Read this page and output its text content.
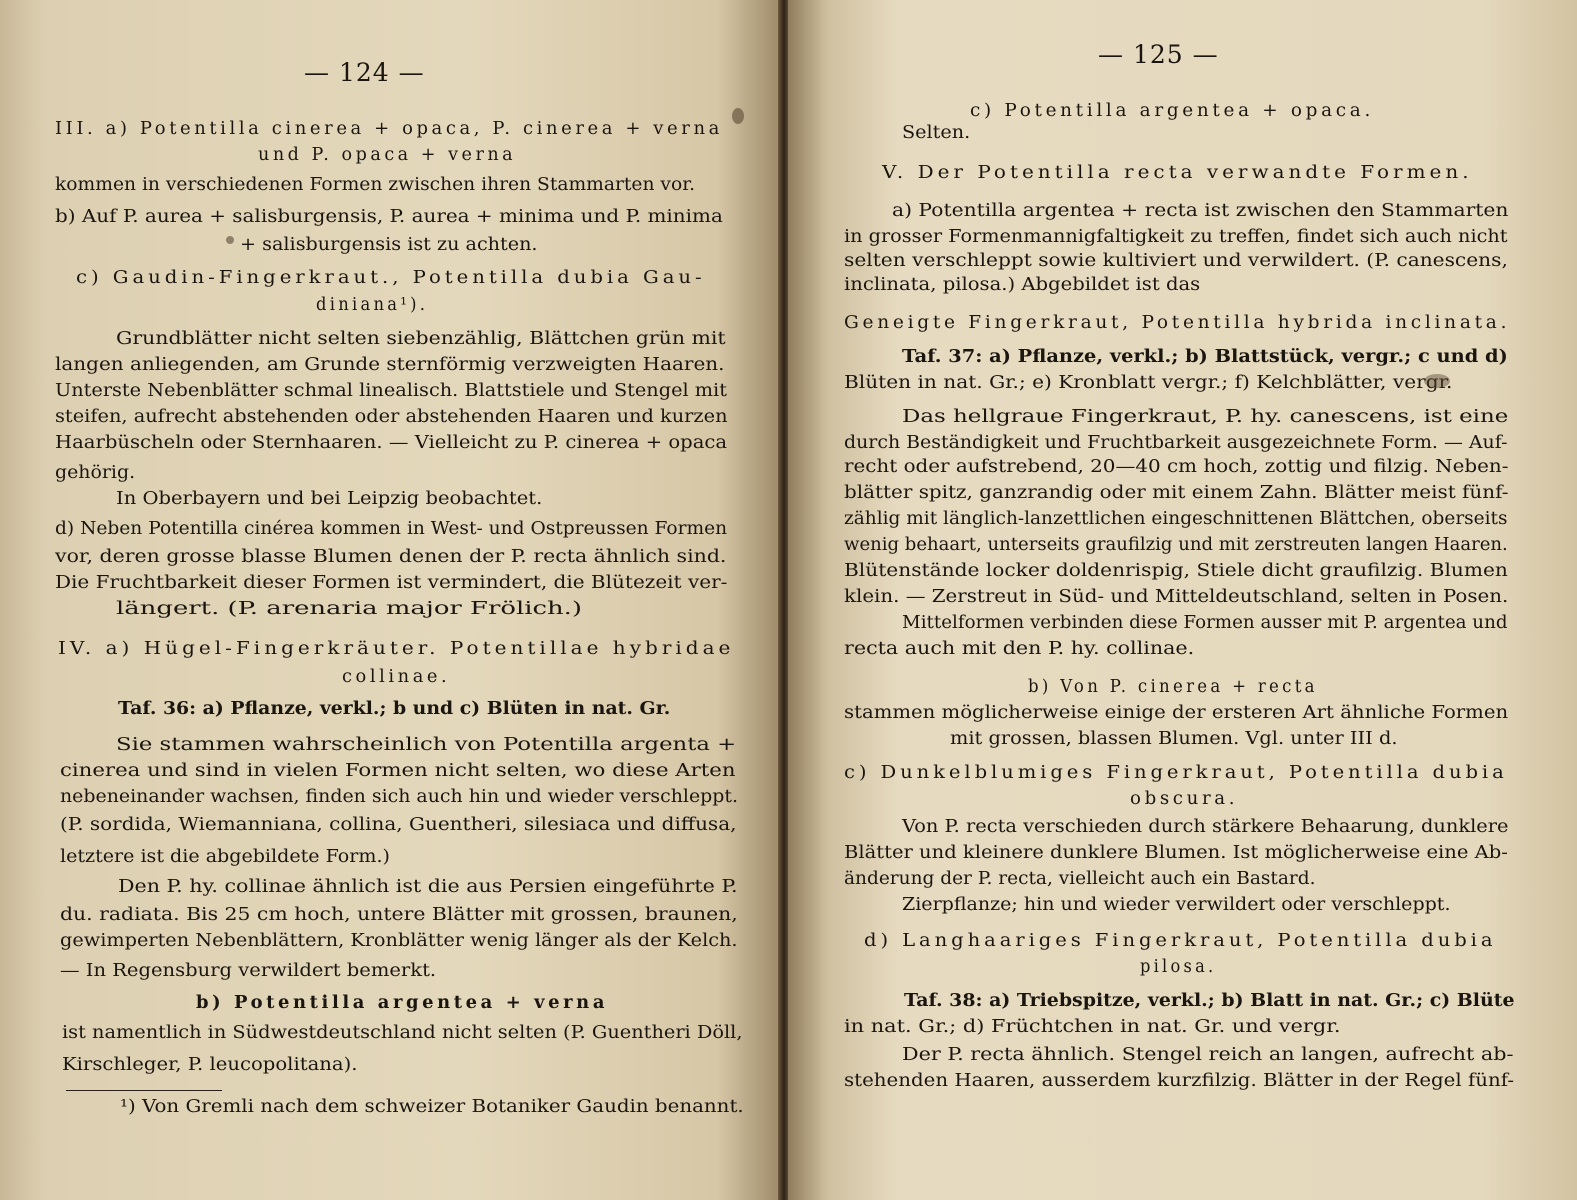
— 124 —
III. a) Potentilla cinerea + opaca, P. cinerea + verna
und P. opaca + verna
kommen in verschiedenen Formen zwischen ihren Stammarten vor.
b) Auf P. aurea + salisburgensis, P. aurea + minima und P. minima
+ salisburgensis ist zu achten.
c) Gaudin-Fingerkraut., Potentilla dubia Gau-
diniana¹).
Grundblätter nicht selten siebenzählig, Blättchen grün mit
langen anliegenden, am Grunde sternförmig verzweigten Haaren.
Unterste Nebenblätter schmal linealisch. Blattstiele und Stengel mit
steifen, aufrecht abstehenden oder abstehenden Haaren und kurzen
Haarbüscheln oder Sternhaaren. — Vielleicht zu P. cinerea + opaca
gehörig.
In Oberbayern und bei Leipzig beobachtet.
d) Neben Potentilla cinérea kommen in West- und Ostpreussen Formen
vor, deren grosse blasse Blumen denen der P. recta ähnlich sind.
Die Fruchtbarkeit dieser Formen ist vermindert, die Blütezeit ver-
längert. (P. arenaria major Frölich.)
IV. a) Hügel-Fingerkräuter. Potentillae hybridae
collinae.
Taf. 36: a) Pflanze, verkl.; b und c) Blüten in nat. Gr.
Sie stammen wahrscheinlich von Potentilla argenta +
cinerea und sind in vielen Formen nicht selten, wo diese Arten
nebeneinander wachsen, finden sich auch hin und wieder verschleppt.
(P. sordida, Wiemanniana, collina, Guentheri, silesiaca und diffusa,
letztere ist die abgebildete Form.)
Den P. hy. collinae ähnlich ist die aus Persien eingeführte P.
du. radiata. Bis 25 cm hoch, untere Blätter mit grossen, braunen,
gewimperten Nebenblättern, Kronblätter wenig länger als der Kelch.
— In Regensburg verwildert bemerkt.
b) Potentilla argentea + verna
ist namentlich in Südwestdeutschland nicht selten (P. Guentheri Döll,
Kirschleger, P. leucopolitana).
¹) Von Gremli nach dem schweizer Botaniker Gaudin benannt.
— 125 —
c) Potentilla argentea + opaca.
Selten.
V. Der Potentilla recta verwandte Formen.
a) Potentilla argentea + recta ist zwischen den Stammarten
in grosser Formenmannigfaltigkeit zu treffen, findet sich auch nicht
selten verschleppt sowie kultiviert und verwildert. (P. canescens,
inclinata, pilosa.) Abgebildet ist das
Geneigte Fingerkraut, Potentilla hybrida inclinata.
Taf. 37: a) Pflanze, verkl.; b) Blattstück, vergr.; c und d)
Blüten in nat. Gr.; e) Kronblatt vergr.; f) Kelchblätter, vergr.
Das hellgraue Fingerkraut, P. hy. canescens, ist eine
durch Beständigkeit und Fruchtbarkeit ausgezeichnete Form. — Auf-
recht oder aufstrebend, 20—40 cm hoch, zottig und filzig. Neben-
blätter spitz, ganzrandig oder mit einem Zahn. Blätter meist fünf-
zählig mit länglich-lanzettlichen eingeschnittenen Blättchen, oberseits
wenig behaart, unterseits graufilzig und mit zerstreuten langen Haaren.
Blütenstände locker doldenrispig, Stiele dicht graufilzig. Blumen
klein. — Zerstreut in Süd- und Mitteldeutschland, selten in Posen.
Mittelformen verbinden diese Formen ausser mit P. argentea und
recta auch mit den P. hy. collinae.
b) Von P. cinerea + recta
stammen möglicherweise einige der ersteren Art ähnliche Formen
mit grossen, blassen Blumen. Vgl. unter III d.
c) Dunkelblumiges Fingerkraut, Potentilla dubia
obscura.
Von P. recta verschieden durch stärkere Behaarung, dunklere
Blätter und kleinere dunklere Blumen. Ist möglicherweise eine Ab-
änderung der P. recta, vielleicht auch ein Bastard.
Zierpflanze; hin und wieder verwildert oder verschleppt.
d) Langhaariges Fingerkraut, Potentilla dubia
pilosa.
Taf. 38: a) Triebspitze, verkl.; b) Blatt in nat. Gr.; c) Blüte
in nat. Gr.; d) Früchtchen in nat. Gr. und vergr.
Der P. recta ähnlich. Stengel reich an langen, aufrecht ab-
stehenden Haaren, ausserdem kurzfilzig. Blätter in der Regel fünf-
